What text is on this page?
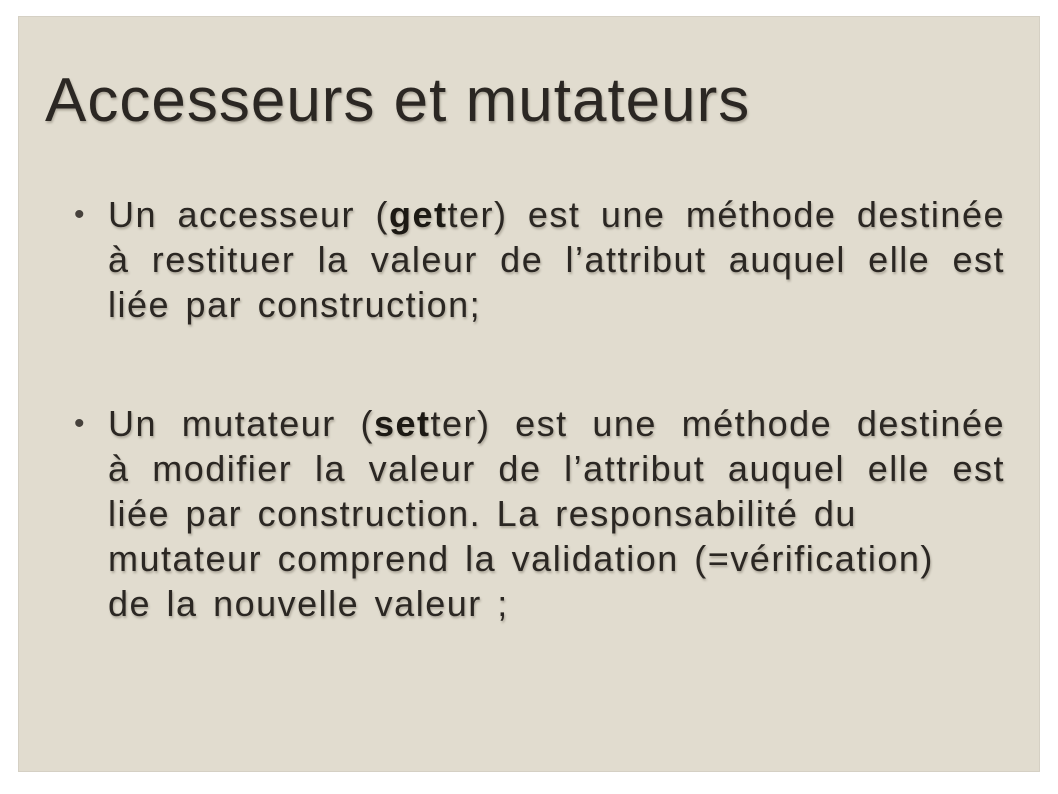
Accesseurs et mutateurs
• Un accesseur (getter) est une méthode destinée
à restituer la valeur de l’attribut auquel elle est
liée par construction;
• Un mutateur (setter) est une méthode destinée
à modifier la valeur de l’attribut auquel elle est
liée par construction. La responsabilité du
mutateur comprend la validation (=vérification)
de la nouvelle valeur ;
